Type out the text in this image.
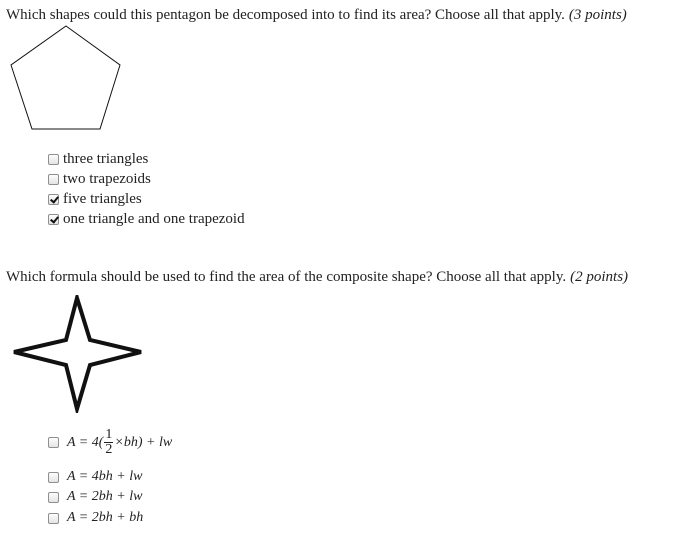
Which shapes could this pentagon be decomposed into to find its area? Choose all that apply. (3 points)

three triangles
two trapezoids
five triangles
one triangle and one trapezoid

Which formula should be used to find the area of the composite shape? Choose all that apply. (2 points)

$A = 4( \frac{1}{2} \times bh)$ + lw
A = 4bh + lw
A = 2bh + lw
A = 2bh + bh
